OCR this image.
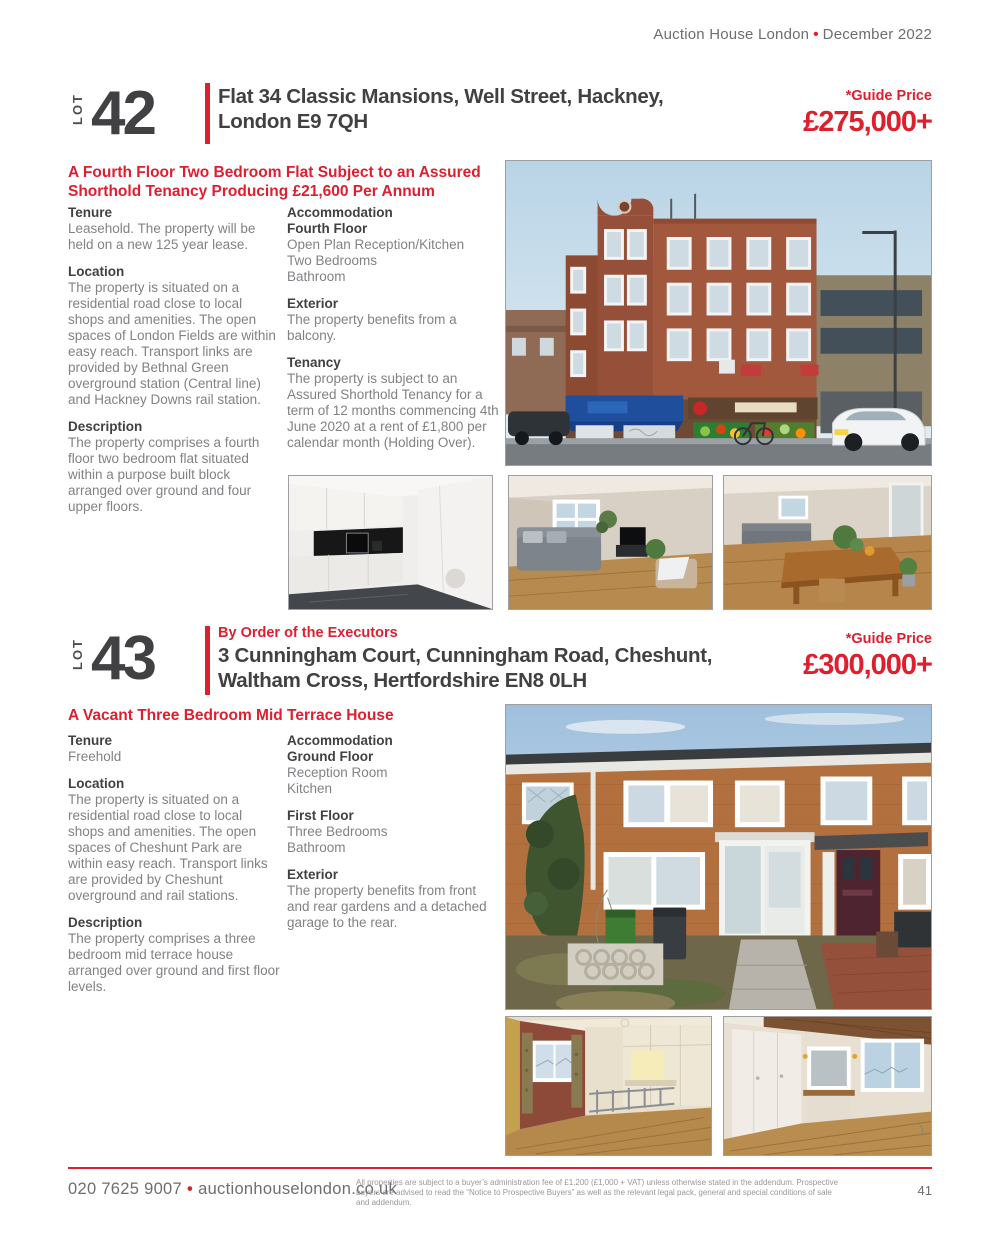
Auction House London • December 2022
LOT 42	Flat 34 Classic Mansions, Well Street, Hackney,
London E9 7QH
*Guide Price
£275,000+
A Fourth Floor Two Bedroom Flat Subject to an Assured Shorthold Tenancy Producing £21,600 Per Annum
Tenure
Leasehold. The property will be held on a new 125 year lease.
Location
The property is situated on a residential road close to local shops and amenities. The open spaces of London Fields are within easy reach. Transport links are provided by Bethnal Green overground station (Central line) and Hackney Downs rail station.
Description
The property comprises a fourth floor two bedroom flat situated within a purpose built block arranged over ground and four upper floors.
Accommodation
Fourth Floor
Open Plan Reception/Kitchen
Two Bedrooms
Bathroom
Exterior
The property benefits from a balcony.
Tenancy
The property is subject to an Assured Shorthold Tenancy for a term of 12 months commencing 4th June 2020 at a rent of £1,800 per calendar month (Holding Over).
LOT 43	By Order of the Executors
3 Cunningham Court, Cunningham Road, Cheshunt,
Waltham Cross, Hertfordshire EN8 0LH
*Guide Price
£300,000+
A Vacant Three Bedroom Mid Terrace House
Tenure
Freehold
Location
The property is situated on a residential road close to local shops and amenities. The open spaces of Cheshunt Park are within easy reach. Transport links are provided by Cheshunt overground and rail stations.
Description
The property comprises a three bedroom mid terrace house arranged over ground and first floor levels.
Accommodation
Ground Floor
Reception Room
Kitchen
First Floor
Three Bedrooms
Bathroom
Exterior
The property benefits from front and rear gardens and a detached garage to the rear.
020 7625 9007 • auctionhouselondon.co.uk
All properties are subject to a buyer’s administration fee of £1,200 (£1,000 + VAT) unless otherwise stated in the addendum. Prospective buyers are advised to read the “Notice to Prospective Buyers” as well as the relevant legal pack, general and special conditions of sale and addendum.
41
